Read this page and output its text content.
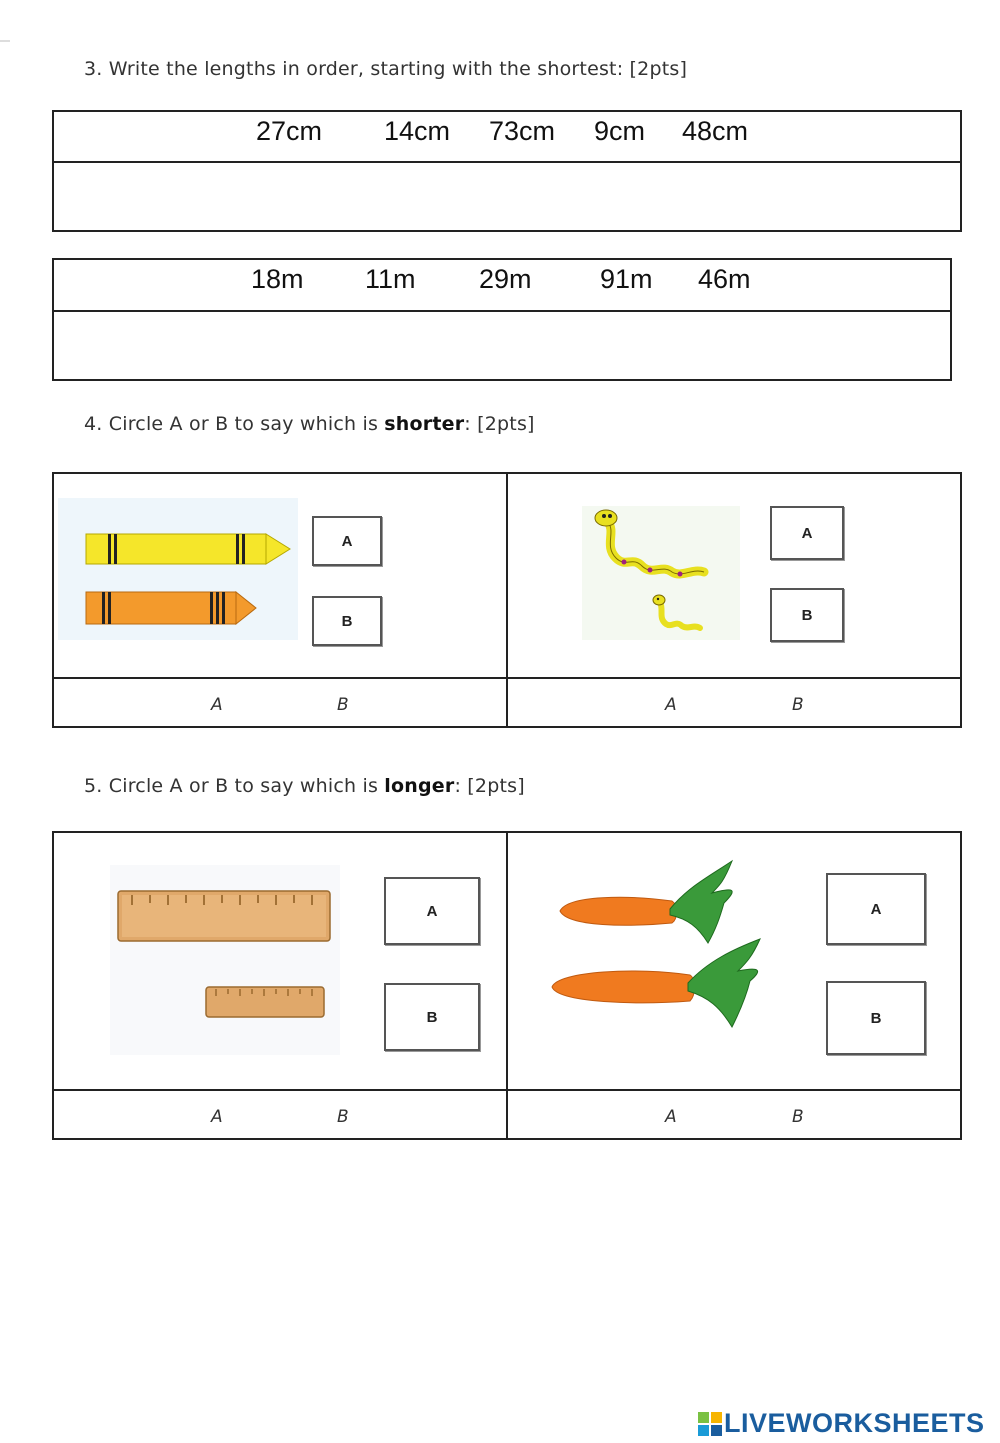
3. Write the lengths in order, starting with the shortest: [2pts]
27cm 14cm 73cm 9cm 48cm
18m 11m 29m	91m 46m
4. Circle A or B to say which is shorter: [2pts]
A
B
A
B
A	B	A	B
5. Circle A or B to say which is longer: [2pts]
A
B
A
B
A	B	A	B
LIVEWORKSHEETS
